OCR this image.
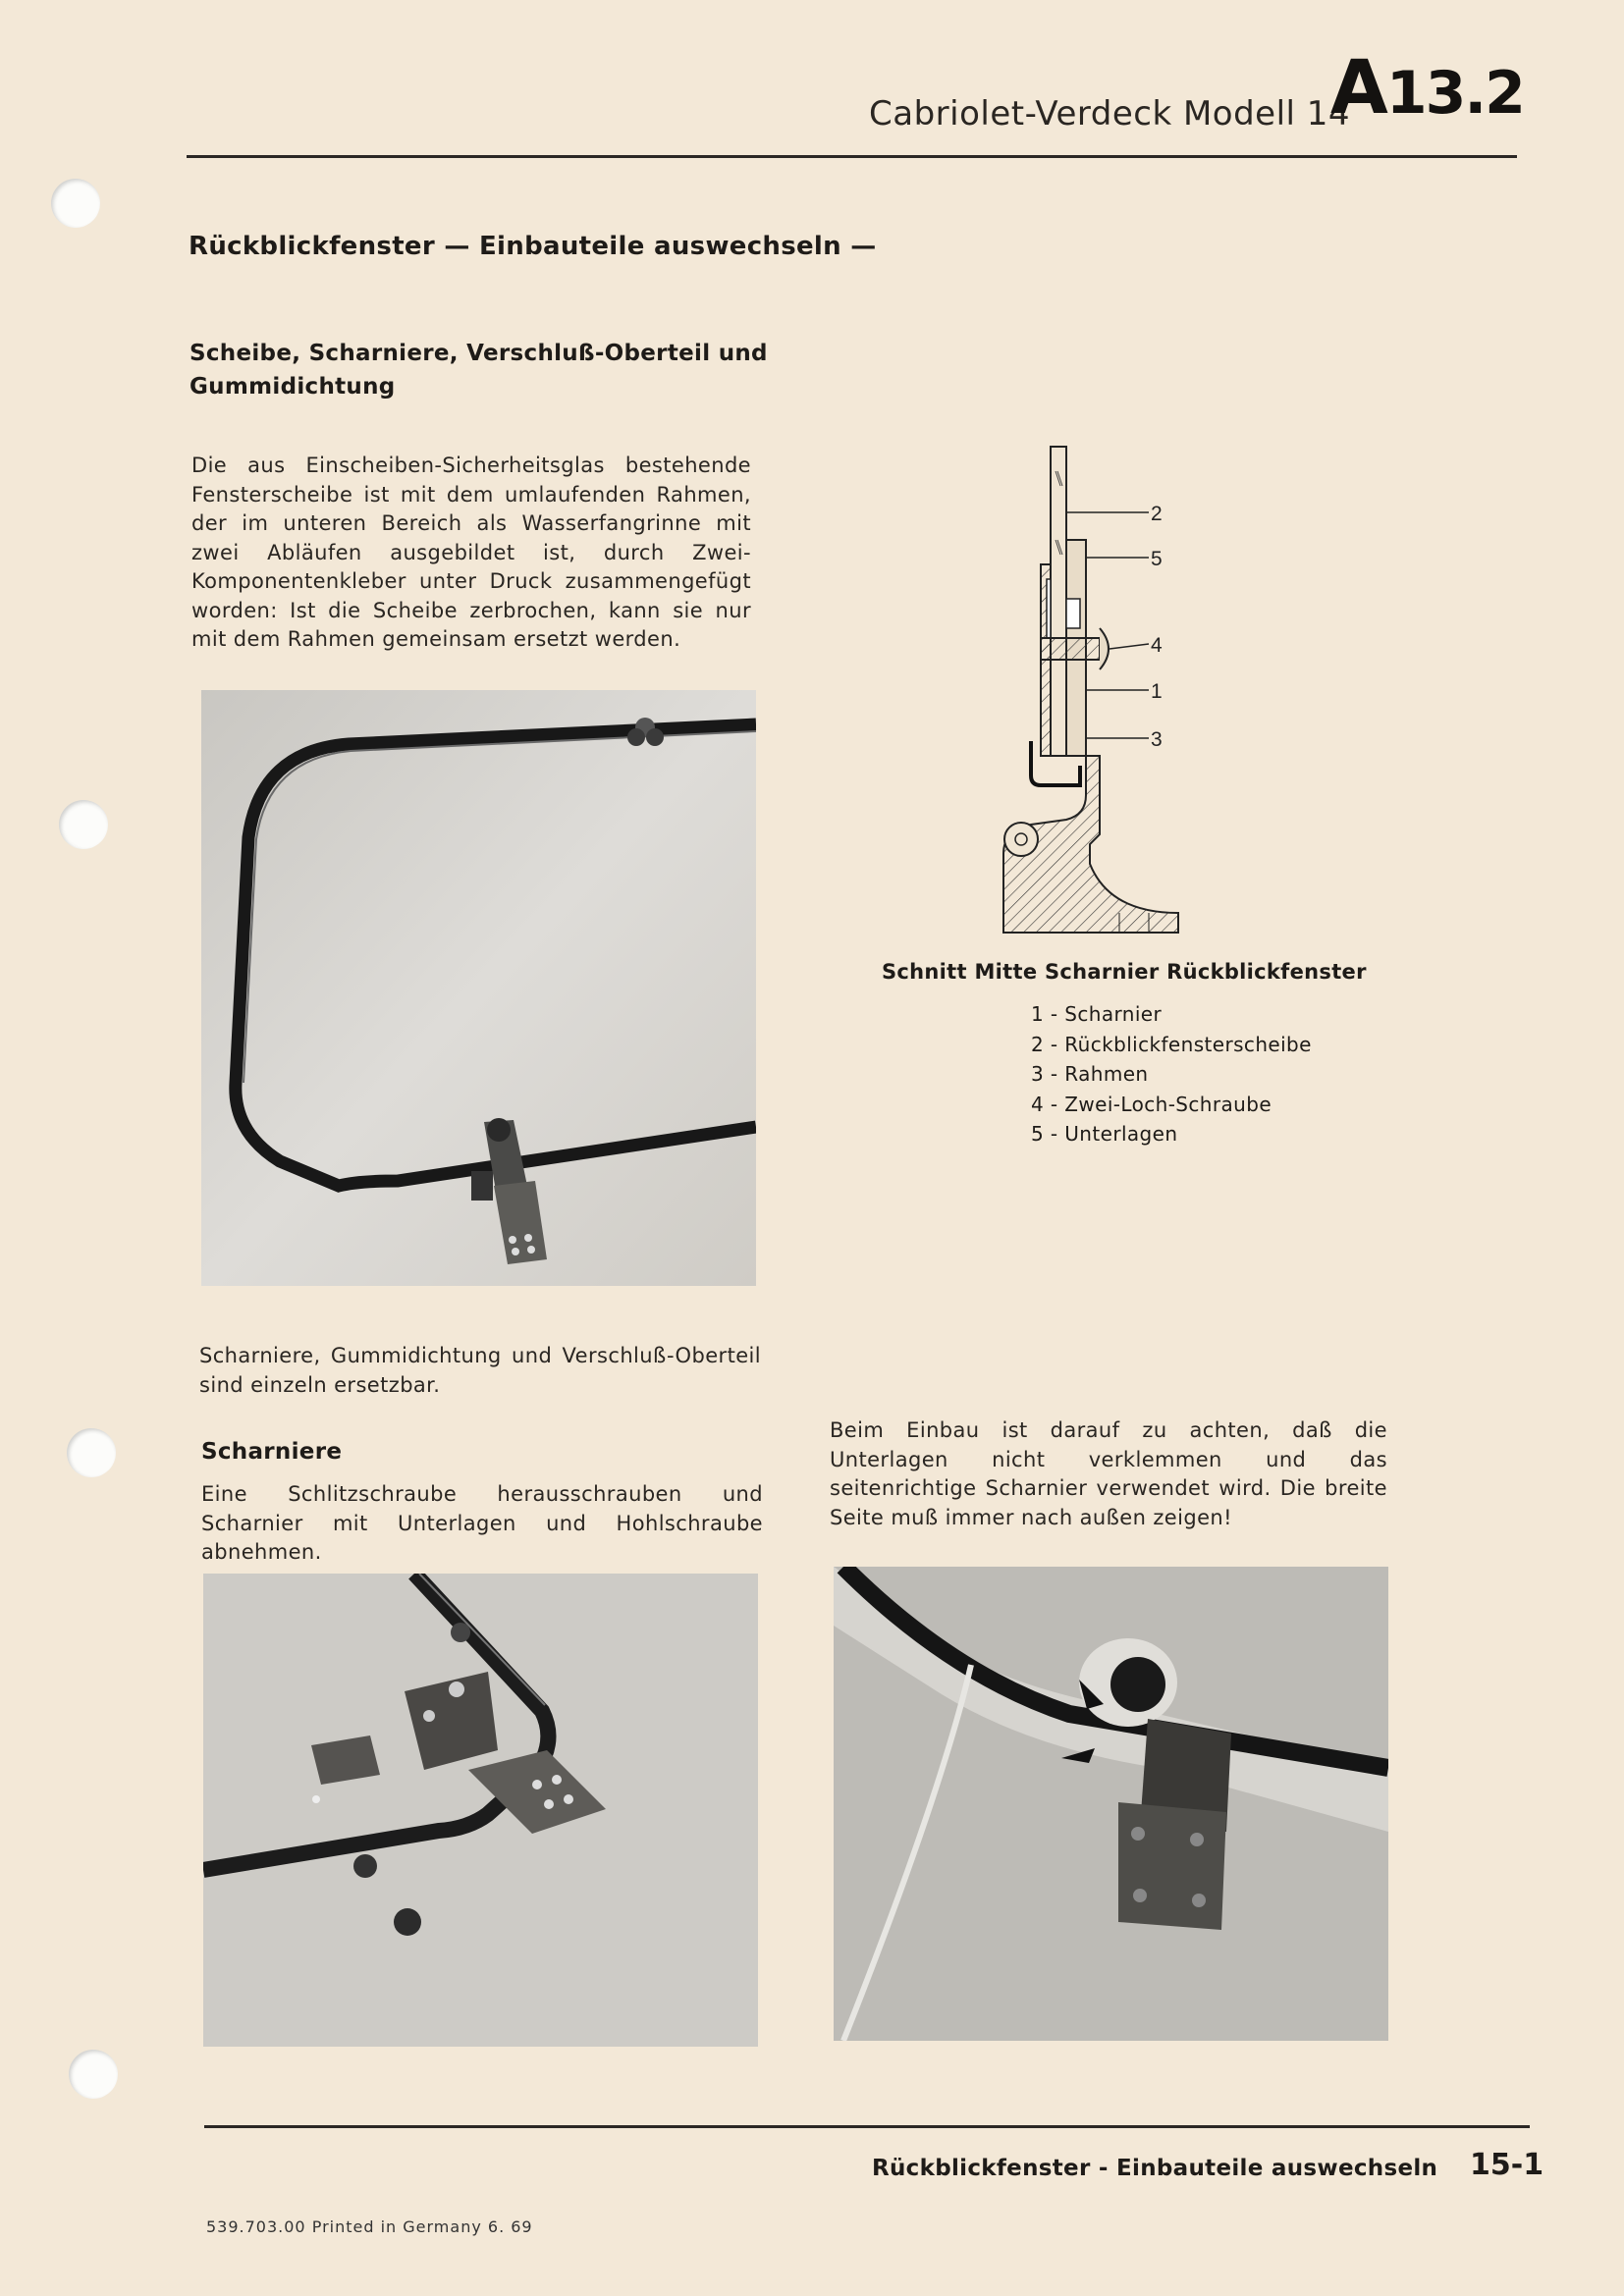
Cabriolet-Verdeck Modell 14
A13.2
Rückblickfenster — Einbauteile auswechseln —
Scheibe, Scharniere, Verschluß-Oberteil und
Gummidichtung
Die aus Einscheiben-Sicherheitsglas bestehende Fensterscheibe ist mit dem umlaufenden Rahmen, der im unteren Bereich als Wasserfangrinne mit zwei Abläufen ausgebildet ist, durch Zwei-Komponentenkleber unter Druck zusammengefügt worden: Ist die Scheibe zerbrochen, kann sie nur mit dem Rahmen gemeinsam ersetzt werden.
2
5
4
1
3
Schnitt Mitte Scharnier Rückblickfenster
1 - Scharnier
2 - Rückblickfensterscheibe
3 - Rahmen
4 - Zwei-Loch-Schraube
5 - Unterlagen
Scharniere, Gummidichtung und Verschluß-Oberteil sind einzeln ersetzbar.
Scharniere
Eine Schlitzschraube herausschrauben und Scharnier mit Unterlagen und Hohlschraube abnehmen.
Beim Einbau ist darauf zu achten, daß die Unterlagen nicht verklemmen und das seitenrichtige Scharnier verwendet wird. Die breite Seite muß immer nach außen zeigen!
Rückblickfenster - Einbauteile auswechseln 15-1
539.703.00 Printed in Germany 6. 69
